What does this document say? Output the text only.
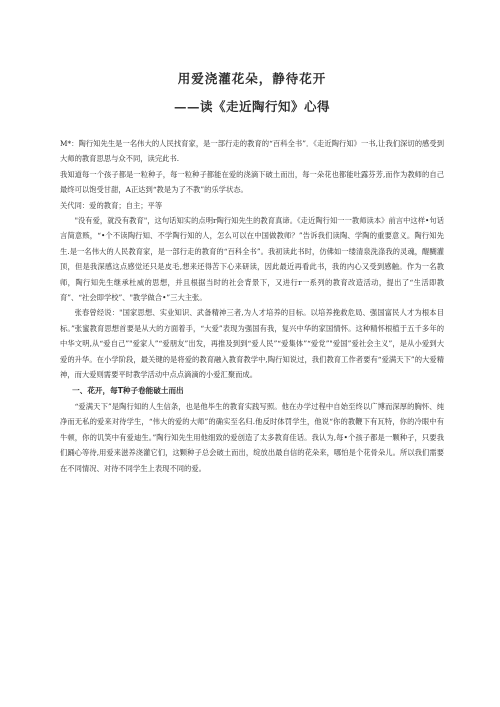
用爱浇灌花朵，静待花开
——读《走近陶行知》心得

M*：陶行知先生是一名伟大的人民找育家，是一部行走的教育的“百科全书”．《走近陶行知》一书,让我们深切的感受到大师的教育思思与众不同，读完此书.

我知道每一个孩子都是一粒种子，每一粒种子都能在爱的浇滴下破土而出，每一朵花也都能吐露芬芳,而作为教师的自己最终可以饱受甘甜，A正达到“教是为了不教”的乐学状态。

关代同：爱的教育；自主；平等

"没有爱，就没有教育"，这句话知实的点明r陶行知先生的教育真谛。《走近陶行知一一教师读本》前言中这样•句话言简意赅，“•个不读陶行知、不学陶行知的人，怎么可以在中国做教师？”告诉我们读陶、学陶的重要意义。陶行知先生.是一名伟大的人民教育家，是一部行走的教育的“百科全书”。我初读此书时，仿佛如一缕清泉洗涤我的灵魂，醍醐灌顶，但是我深感这点感觉还只是皮毛,想来还得苦下心来研读，因此最近再看此书，我的内心又受到感触。作为一名教师，陶行知先生继承杜威的思想，并且根据当时的社会背景下，又进行r一系列的教育改造活动，提出了“生活即教育”、“社会即学校”、"教学做合•”三大主张。

张春曾经说："国家思想、实业知识、武备精神三者,为人才培养的目标。以培养挽救危局、强国富民人才为根本目标。”张蜜教育思想首要是从大的方面着手，“大爱”表现为强国有我，复兴中华的家国情怀。这种精怀根植于五千多年的中华文明,从“爱自己”"爱家人”“爱朋友”出发，再推及到到“爱人民”“爱集体”“爱党”"爱国”爱社会主义”，是从小爱到大爱的升华。在小学阶段，最关键的是将爱的教育融入教育教学中,陶行知说过，我们教育工作者要有“爱满天下”的大爱精神，而大爱则需要平时教学活动中点点滴滴的小爱汇聚而成。

一、花开，每T种子卷能破土而出

“爱满天下”是陶行知的人生信条，也是他毕生的教育实践写照。他在办学过程中自始至终以广博而深厚的胸怀、纯净而无私的爱来对待学生，“伟大的爱的大师”的确实至名归.他反时体罚学生，他说“你的教鞭下有瓦特，你的冷眼中有牛顿，你的讥笑中有爱迪生。”陶行知先生用他细致的爱创造了太多教育佳话。我认为,每•个孩子都是一颗种子，只要我们踊心等待,用爱来滋养浇灌它们，这颗种子总会破土而出，绽放出最自信的花朵来，哪怕是个花骨朵儿。所以我们需要在不同情况、对待不同学生上表现不同的爱。
